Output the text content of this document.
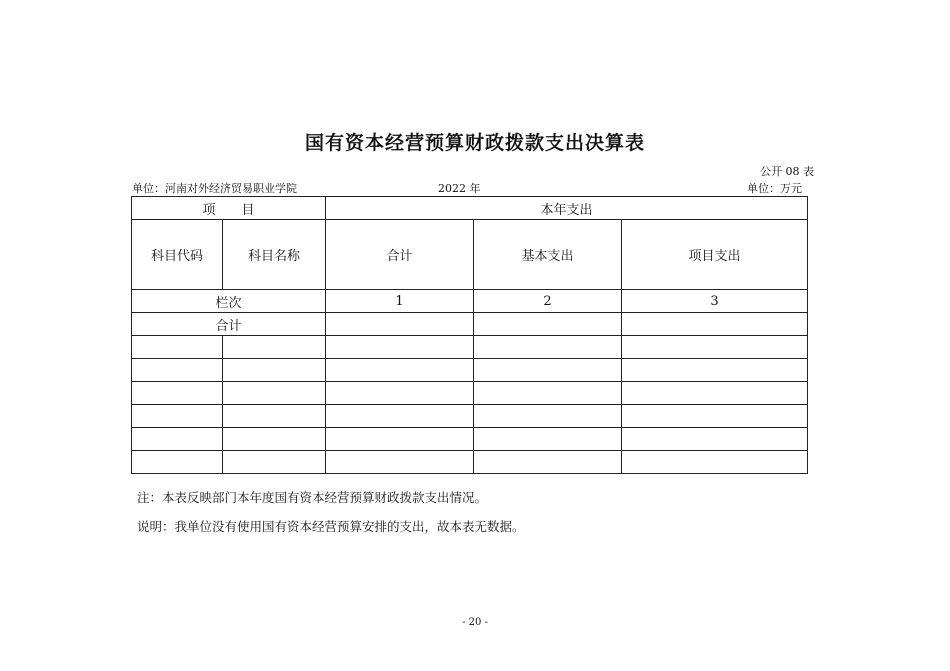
国有资本经营预算财政拨款支出决算表
公开 08 表
单位：河南对外经济贸易职业学院	2022 年	单位：万元
项　　目		本年支出		
科目代码	科目名称	合计	基本支出	项目支出
栏次		1	2	3
合计				

注：本表反映部门本年度国有资本经营预算财政拨款支出情况。
说明：我单位没有使用国有资本经营预算安排的支出，故本表无数据。
- 20 -
